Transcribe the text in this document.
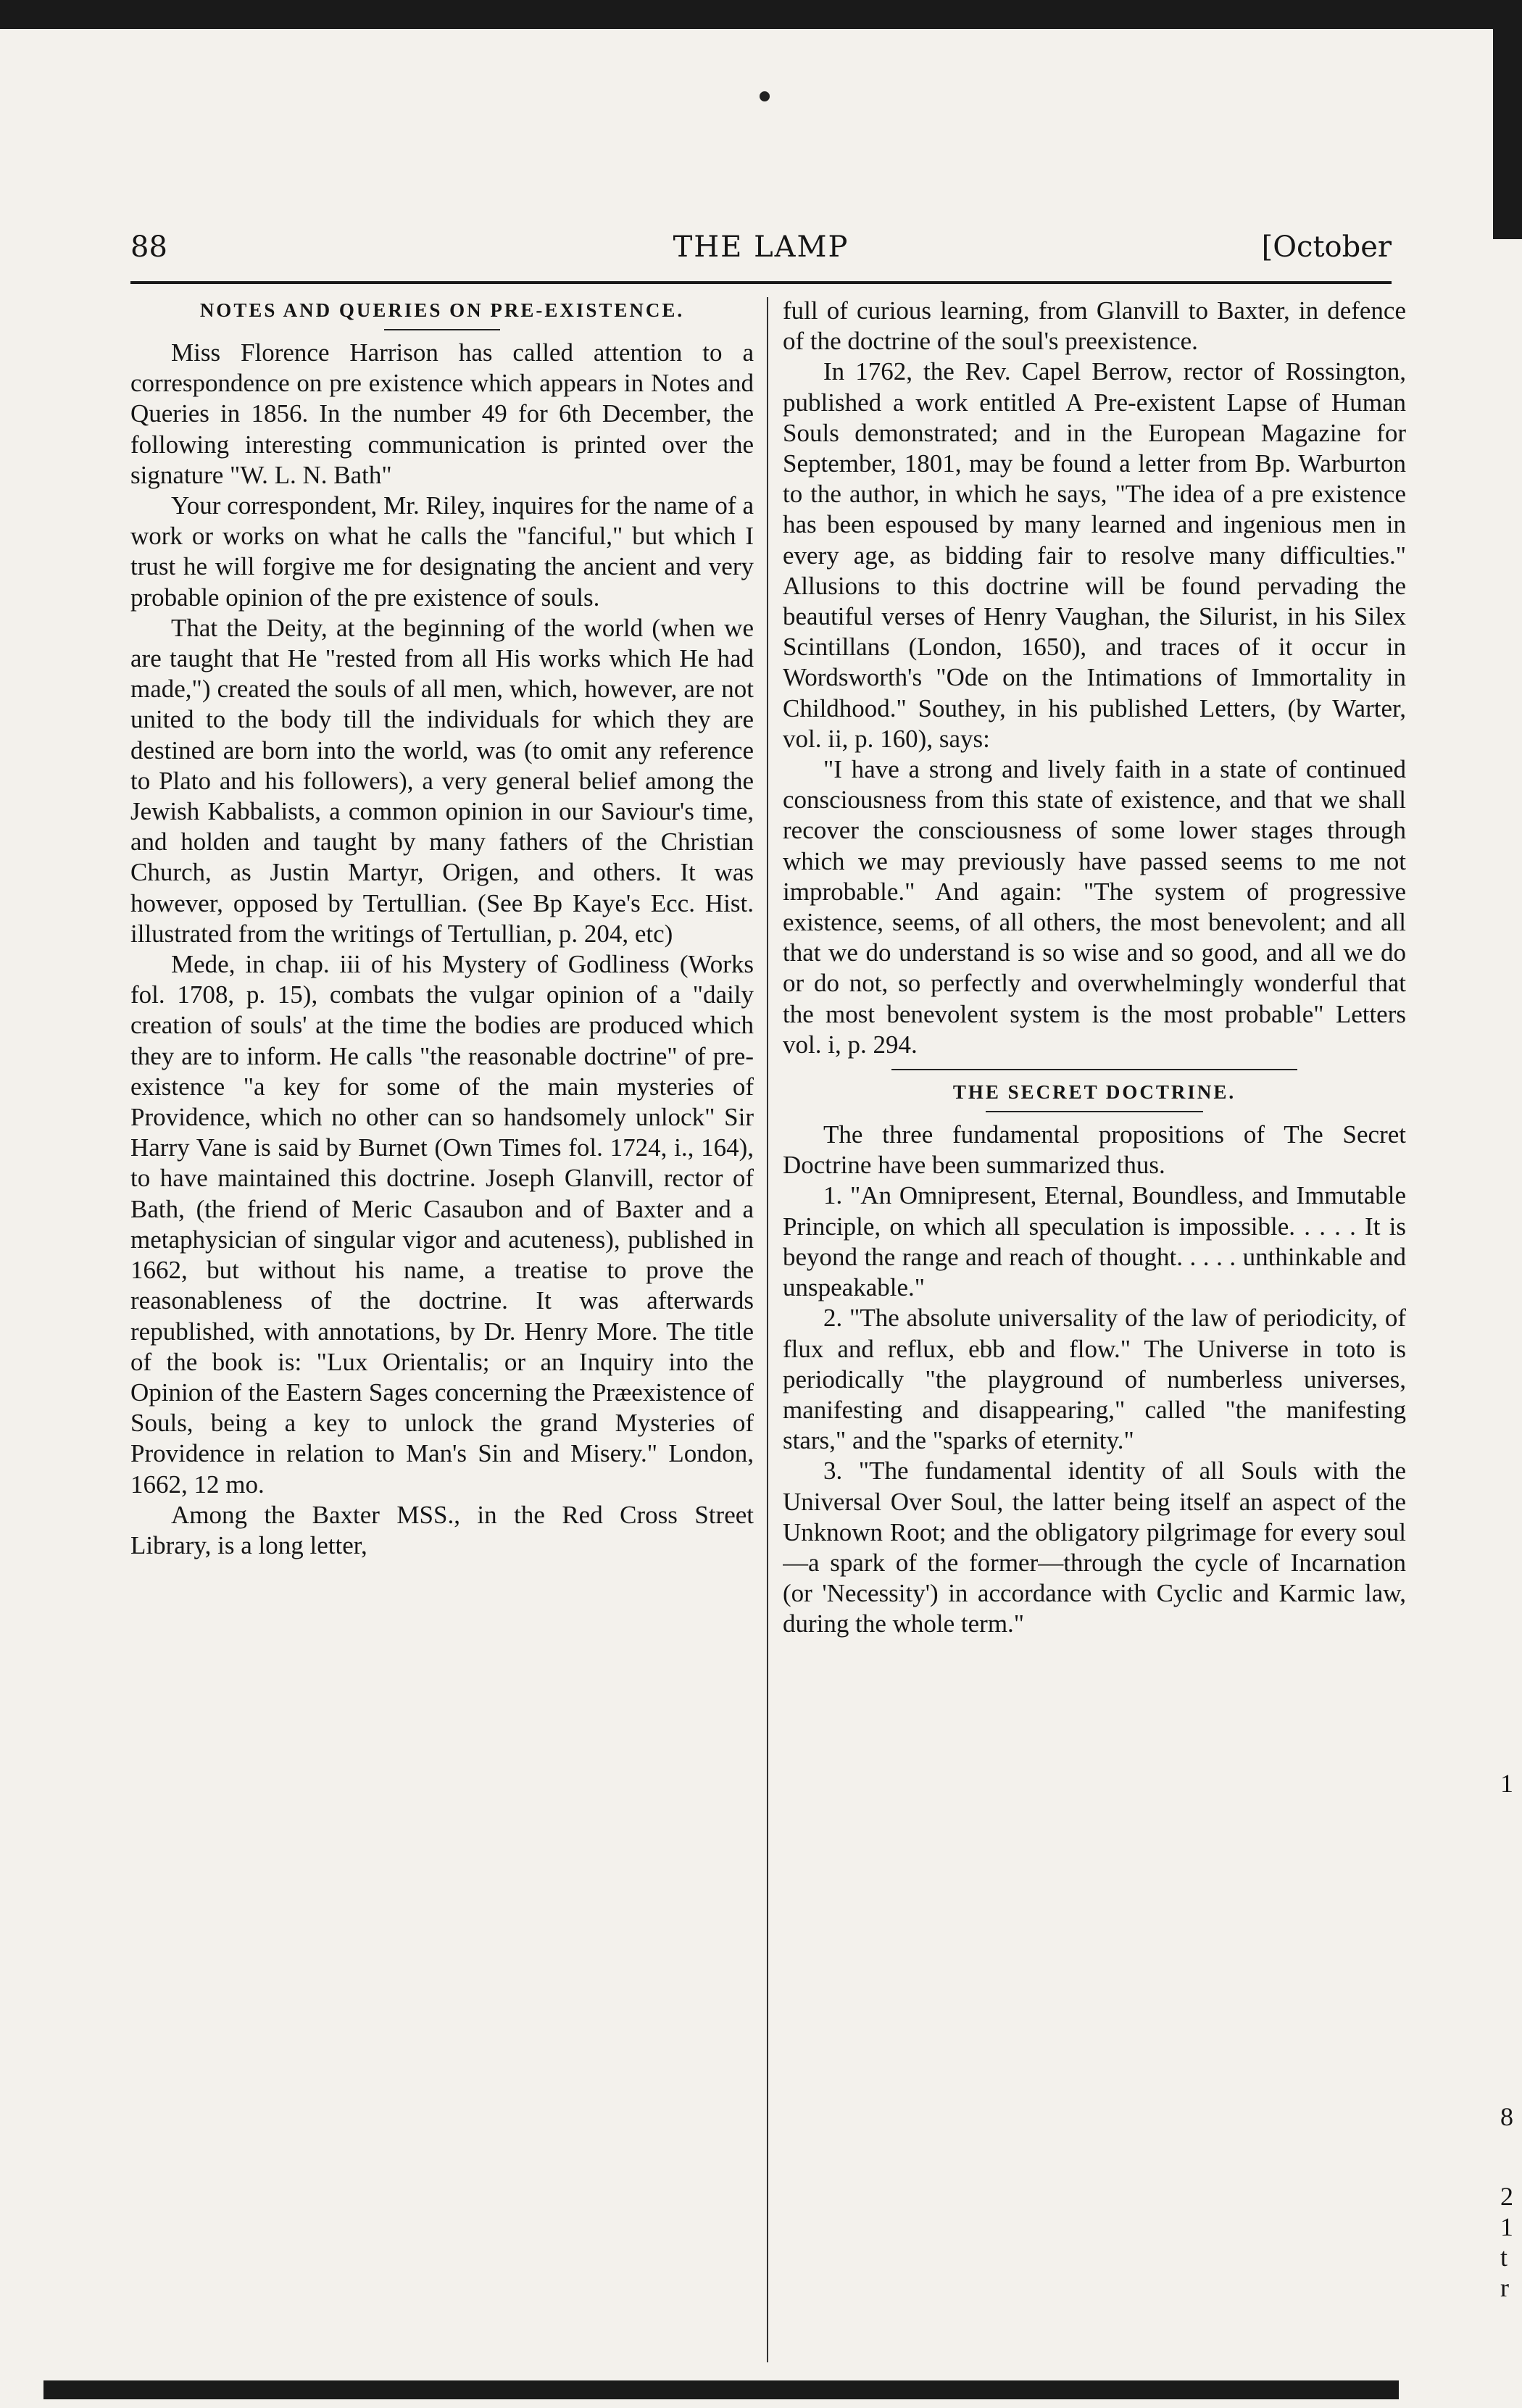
88	THE LAMP	[October
NOTES AND QUERIES ON PRE-EXISTENCE.

Miss Florence Harrison has called attention to a correspondence on pre existence which appears in Notes and Queries in 1856. In the number 49 for 6th December, the following interesting communication is printed over the signature "W. L. N. Bath"

Your correspondent, Mr. Riley, inquires for the name of a work or works on what he calls the "fanciful," but which I trust he will forgive me for designating the ancient and very probable opinion of the pre existence of souls.

That the Deity, at the beginning of the world (when we are taught that He "rested from all His works which He had made,") created the souls of all men, which, however, are not united to the body till the individuals for which they are destined are born into the world, was (to omit any reference to Plato and his followers), a very general belief among the Jewish Kabbalists, a common opinion in our Saviour's time, and holden and taught by many fathers of the Christian Church, as Justin Martyr, Origen, and others. It was however, opposed by Tertullian. (See Bp Kaye's Ecc. Hist. illustrated from the writings of Tertullian, p. 204, etc)

Mede, in chap. iii of his Mystery of Godliness (Works fol. 1708, p. 15), combats the vulgar opinion of a "daily creation of souls' at the time the bodies are produced which they are to inform. He calls "the reasonable doctrine" of pre-existence "a key for some of the main mysteries of Providence, which no other can so handsomely unlock" Sir Harry Vane is said by Burnet (Own Times fol. 1724, i., 164), to have maintained this doctrine. Joseph Glanvill, rector of Bath, (the friend of Meric Casaubon and of Baxter and a metaphysician of singular vigor and acuteness), published in 1662, but without his name, a treatise to prove the reasonableness of the doctrine. It was afterwards republished, with annotations, by Dr. Henry More. The title of the book is: "Lux Orientalis; or an Inquiry into the Opinion of the Eastern Sages concerning the Præexistence of Souls, being a key to unlock the grand Mysteries of Providence in relation to Man's Sin and Misery." London, 1662, 12 mo.

Among the Baxter MSS., in the Red Cross Street Library, is a long letter,

full of curious learning, from Glanvill to Baxter, in defence of the doctrine of the soul's preexistence.

In 1762, the Rev. Capel Berrow, rector of Rossington, published a work entitled A Pre-existent Lapse of Human Souls demonstrated; and in the European Magazine for September, 1801, may be found a letter from Bp. Warburton to the author, in which he says, "The idea of a pre existence has been espoused by many learned and ingenious men in every age, as bidding fair to resolve many difficulties." Allusions to this doctrine will be found pervading the beautiful verses of Henry Vaughan, the Silurist, in his Silex Scintillans (London, 1650), and traces of it occur in Wordsworth's "Ode on the Intimations of Immortality in Childhood." Southey, in his published Letters, (by Warter, vol. ii, p. 160), says:

"I have a strong and lively faith in a state of continued consciousness from this state of existence, and that we shall recover the consciousness of some lower stages through which we may previously have passed seems to me not improbable." And again: "The system of progressive existence, seems, of all others, the most benevolent; and all that we do understand is so wise and so good, and all we do or do not, so perfectly and overwhelmingly wonderful that the most benevolent system is the most probable" Letters vol. i, p. 294.

THE SECRET DOCTRINE.

The three fundamental propositions of The Secret Doctrine have been summarized thus.

1. "An Omnipresent, Eternal, Boundless, and Immutable Principle, on which all speculation is impossible. . . . . It is beyond the range and reach of thought. . . . . unthinkable and unspeakable."

2. "The absolute universality of the law of periodicity, of flux and reflux, ebb and flow." The Universe in toto is periodically "the playground of numberless universes, manifesting and disappearing," called "the manifesting stars," and the "sparks of eternity."

3. "The fundamental identity of all Souls with the Universal Over Soul, the latter being itself an aspect of the Unknown Root; and the obligatory pilgrimage for every soul—a spark of the former—through the cycle of Incarnation (or 'Necessity') in accordance with Cyclic and Karmic law, during the whole term."

1
8
2
1
t
r
